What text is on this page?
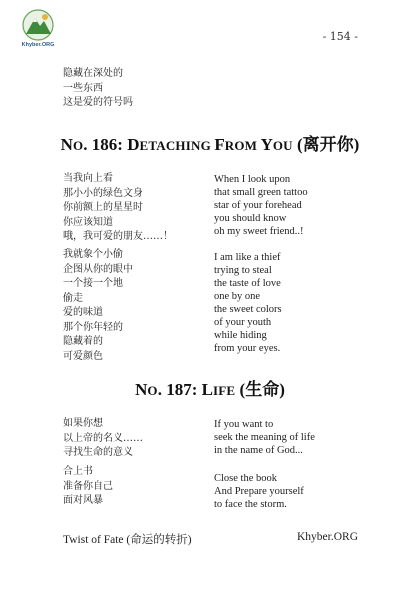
Khyber.ORG
- 154 -
隐藏在深处的
一些东西
这是爱的符号吗
NO. 186: DETACHING FROM YOU (离开你)
当我向上看
那小小的绿色文身
你前额上的星星时
你应该知道
哦，我可爱的朋友……！
When I look upon
that small green tattoo
star of your forehead
you should know
oh my sweet friend..!
我就象个小偷
企图从你的眼中
一个接一个地
偷走
爱的味道
那个你年轻的
隐藏着的
可爱颜色
I am like a thief
trying to steal
the taste of love
one by one
the sweet colors
of your youth
while hiding
from your eyes.
NO. 187: LIFE (生命)
如果你想
以上帝的名义……
寻找生命的意义
If you want to
seek the meaning of life
in the name of God...
合上书
准备你自己
面对风暴
Close the book
And Prepare yourself
to face the storm.
Twist of Fate (命运的转折)	Khyber.ORG
